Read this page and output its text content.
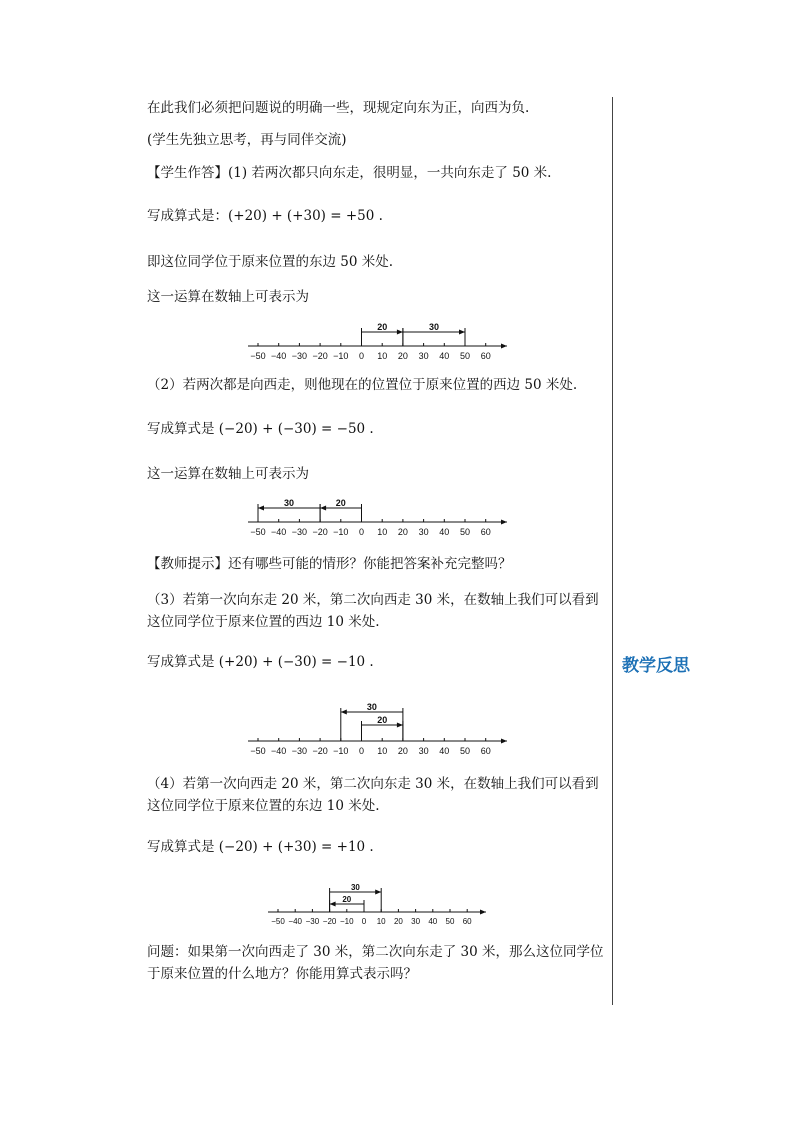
教学反思
在此我们必须把问题说的明确一些，现规定向东为正，向西为负.
(学生先独立思考，再与同伴交流)
【学生作答】(1) 若两次都只向东走，很明显，一共向东走了 50 米.
写成算式是：(+20) + (+30) = +50 .
即这位同学位于原来位置的东边 50 米处.
这一运算在数轴上可表示为
−50 −40 −30 −20 −10 0 10 20 30 40 50 60
20	30
−50 −40 −30 −20 −10 0 10 20 30 40 50 60
20
30
−50 −40 −30 −20 −10 0 10 20 30 40 50 60
20
30
−50 −40 −30 −20 −10 0 10 20 30 40 50 60
20
30
（2）若两次都是向西走，则他现在的位置位于原来位置的西边 50 米处.
写成算式是 (−20) + (−30) = −50 .
这一运算在数轴上可表示为
【教师提示】还有哪些可能的情形？你能把答案补充完整吗？
（3）若第一次向东走 20 米，第二次向西走 30 米，在数轴上我们可以看到这位同学位于原来位置的西边 10 米处.
写成算式是 (+20) + (−30) = −10 .
（4）若第一次向西走 20 米，第二次向东走 30 米，在数轴上我们可以看到这位同学位于原来位置的东边 10 米处.
写成算式是 (−20) + (+30) = +10 .
问题：如果第一次向西走了 30 米，第二次向东走了 30 米，那么这位同学位于原来位置的什么地方？你能用算式表示吗？
